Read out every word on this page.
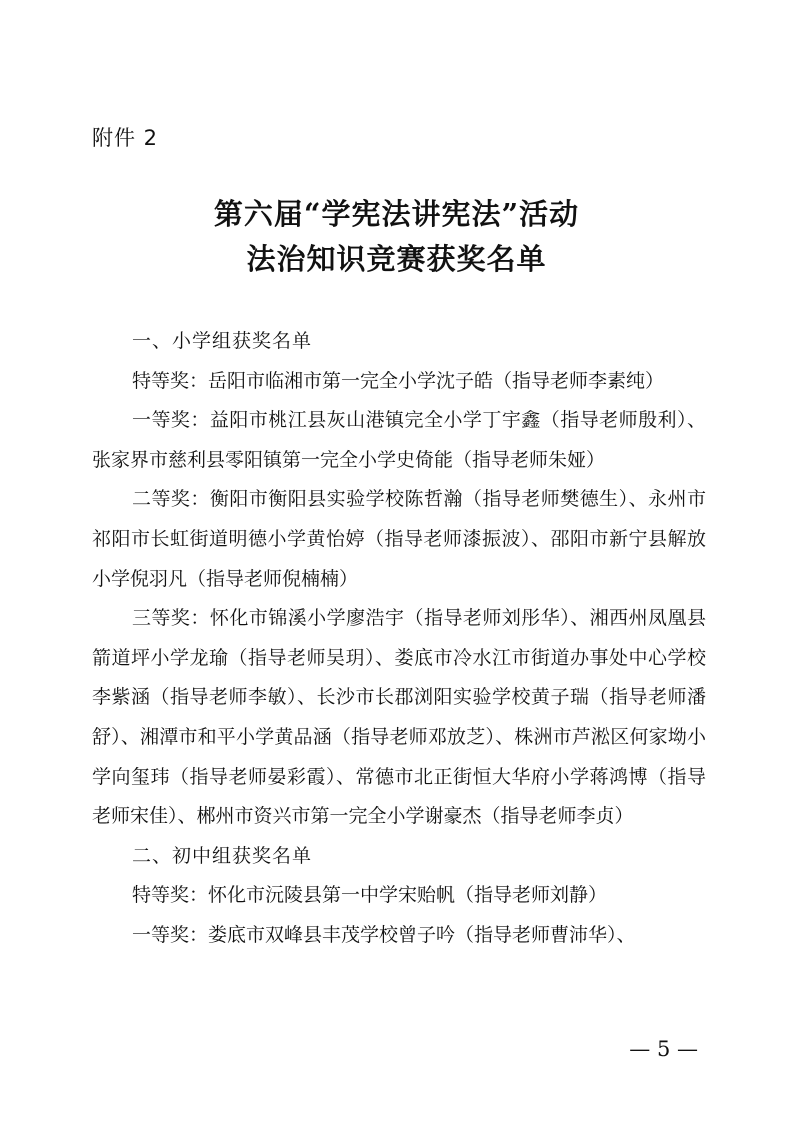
附件 2
第六届“学宪法讲宪法”活动
法治知识竞赛获奖名单

一、小学组获奖名单

特等奖：岳阳市临湘市第一完全小学沈子皓（指导老师李素纯）

一等奖：益阳市桃江县灰山港镇完全小学丁宇鑫（指导老师殷利）、张家界市慈利县零阳镇第一完全小学史倚能（指导老师朱娅）

二等奖：衡阳市衡阳县实验学校陈哲瀚（指导老师樊德生）、永州市祁阳市长虹街道明德小学黄怡婷（指导老师漆振波）、邵阳市新宁县解放小学倪羽凡（指导老师倪楠楠）

三等奖：怀化市锦溪小学廖浩宇（指导老师刘彤华）、湘西州凤凰县箭道坪小学龙瑜（指导老师吴玥）、娄底市冷水江市街道办事处中心学校李紫涵（指导老师李敏）、长沙市长郡浏阳实验学校黄子瑞（指导老师潘舒）、湘潭市和平小学黄品涵（指导老师邓放芝）、株洲市芦淞区何家坳小学向玺玮（指导老师晏彩霞）、常德市北正街恒大华府小学蒋鸿博（指导老师宋佳）、郴州市资兴市第一完全小学谢豪杰（指导老师李贞）

二、初中组获奖名单

特等奖：怀化市沅陵县第一中学宋贻帆（指导老师刘静）

一等奖：娄底市双峰县丰茂学校曾子吟（指导老师曹沛华）、

— 5 —
